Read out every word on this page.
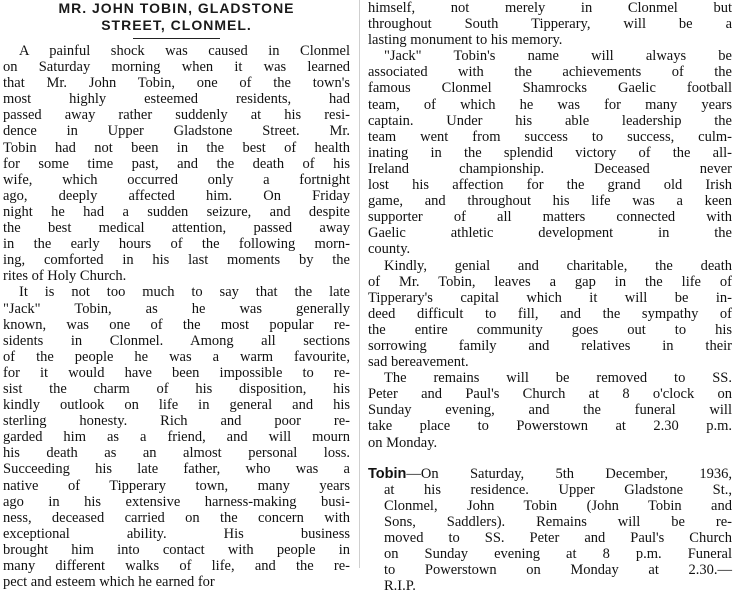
MR. JOHN TOBIN, GLADSTONE
STREET, CLONMEL.
A painful shock was caused in Clonmel
on Saturday morning when it was learned
that Mr. John Tobin, one of the town's
most highly esteemed residents, had
passed away rather suddenly at his resi-
dence in Upper Gladstone Street. Mr.
Tobin had not been in the best of health
for some time past, and the death of his
wife, which occurred only a fortnight
ago, deeply affected him. On Friday
night he had a sudden seizure, and despite
the best medical attention, passed away
in the early hours of the following morn-
ing, comforted in his last moments by the
rites of Holy Church.
It is not too much to say that the late
"Jack" Tobin, as he was generally
known, was one of the most popular re-
sidents in Clonmel. Among all sections
of the people he was a warm favourite,
for it would have been impossible to re-
sist the charm of his disposition, his
kindly outlook on life in general and his
sterling honesty. Rich and poor re-
garded him as a friend, and will mourn
his death as an almost personal loss.
Succeeding his late father, who was a
native of Tipperary town, many years
ago in his extensive harness-making busi-
ness, deceased carried on the concern with
exceptional ability. His business
brought him into contact with people in
many different walks of life, and the re-
pect and esteem which he earned for
himself, not merely in Clonmel but
throughout South Tipperary, will be a
lasting monument to his memory.
"Jack" Tobin's name will always be
associated with the achievements of the
famous Clonmel Shamrocks Gaelic football
team, of which he was for many years
captain. Under his able leadership the
team went from success to success, culm-
inating in the splendid victory of the all-
Ireland championship. Deceased never
lost his affection for the grand old Irish
game, and throughout his life was a keen
supporter of all matters connected with
Gaelic athletic development in the
county.
Kindly, genial and charitable, the death
of Mr. Tobin, leaves a gap in the life of
Tipperary's capital which it will be in-
deed difficult to fill, and the sympathy of
the entire community goes out to his
sorrowing family and relatives in their
sad bereavement.
The remains will be removed to SS.
Peter and Paul's Church at 8 o'clock on
Sunday evening, and the funeral will
take place to Powerstown at 2.30 p.m.
on Monday.
Tobin—On Saturday, 5th December, 1936,
at his residence. Upper Gladstone St.,
Clonmel, John Tobin (John Tobin and
Sons, Saddlers). Remains will be re-
moved to SS. Peter and Paul's Church
on Sunday evening at 8 p.m. Funeral
to Powerstown on Monday at 2.30.—
R.I.P.
